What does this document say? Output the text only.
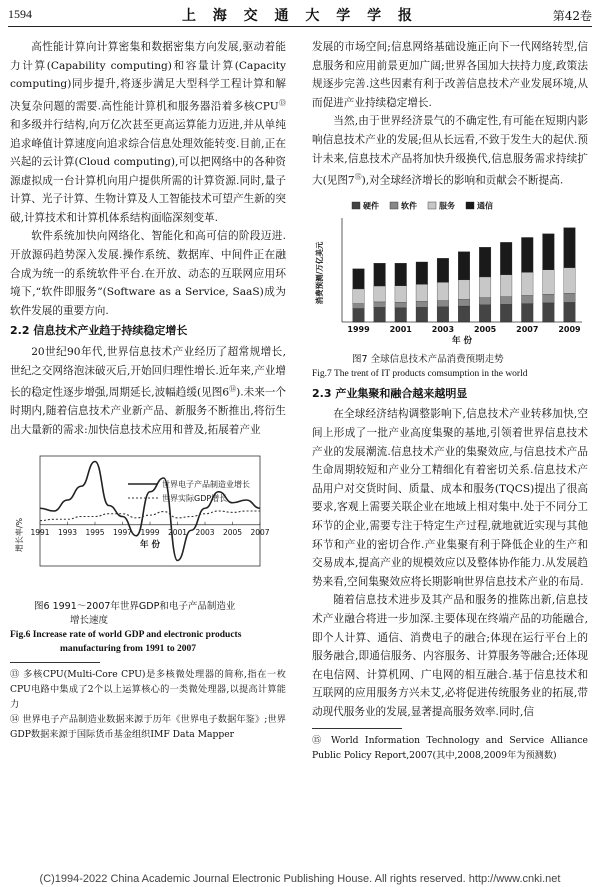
1594	上 海 交 通 大 学 学 报	第42卷

高性能计算向计算密集和数据密集方向发展,驱动着能力计算(Capability computing)和容量计算(Capacity computing)同步提升,将逐步满足大型科学工程计算和解决复杂问题的需要.高性能计算机和服务器沿着多核CPU⑬和多级并行结构,向万亿次甚至更高运算能力迈进,并从单纯追求峰值计算速度向追求综合信息处理效能转变.目前,正在兴起的云计算(Cloud computing),可以把网络中的各种资源虚拟成一台计算机向用户提供所需的计算资源.同时,量子计算、光子计算、生物计算及人工智能技术可望产生新的突破,计算技术和计算机体系结构面临深刻变革.

软件系统加快向网络化、智能化和高可信的阶段迈进.开放源码趋势深入发展.操作系统、数据库、中间件正在融合成为统一的系统软件平台.在开放、动态的互联网应用环境下,“软件即服务”(Software as a Service, SaaS)成为软件发展的重要方向.

2.2 信息技术产业趋于持续稳定增长

20世纪90年代,世界信息技术产业经历了超常规增长,世纪之交网络泡沫破灭后,开始回归理性增长.近年来,产业增长的稳定性逐步增强,周期延长,波幅趋缓(见图6⑭).未来一个时期内,随着信息技术产业新产品、新服务不断推出,将衍生出大量新的需求:加快信息技术应用和普及,拓展着产业

1991 1993 1995 1997 1999 2001 2003 2005 2007
增长率/%	年 份
世界电子产品制造业增长
世界实际GDP增长
图6 1991～2007年世界GDP和电子产品制造业
增长速度
Fig.6 Increase rate of world GDP and electronic products
manufacturing from 1991 to 2007
⑬ 多核CPU(Multi-Core CPU)是多核微处理器的简称,指在一枚CPU电路中集成了2个以上运算核心的一类微处理器,以提高计算能力
⑭ 世界电子产品制造业数据来源于历年《世界电子数据年鉴》;世界GDP数据来源于国际货币基金组织IMF Data Mapper

发展的市场空间;信息网络基础设施正向下一代网络转型,信息服务和应用前景更加广阔;世界各国加大扶持力度,政策法规逐步完善.这些因素有利于改善信息技术产业发展环境,从而促进产业持续稳定增长.

当然,由于世界经济景气的不确定性,有可能在短期内影响信息技术产业的发展;但从长远看,不致于发生大的起伏.预计未来,信息技术产品将加快升级换代,信息服务需求持续扩大(见图7⑮),对全球经济增长的影响和贡献会不断提高.

硬件	软件	服务	通信
消费预测/万亿美元
1999 2001 2003 2005 2007 2009
年 份
图7 全球信息技术产品消费预期走势
Fig.7 The trent of IT products comsumption in the world
2.3 产业集聚和融合越来越明显

在全球经济结构调整影响下,信息技术产业转移加快,空间上形成了一批产业高度集聚的基地,引领着世界信息技术产业的发展潮流.信息技术产业的集聚效应,与信息技术产品生命周期较短和产业分工精细化有着密切关系.信息技术产品用户对交货时间、质量、成本和服务(TQCS)提出了很高要求,客观上需要关联企业在地域上相对集中.处于不同分工环节的企业,需要专注于特定生产过程,就地就近实现与其他环节和产业的密切合作.产业集聚有利于降低企业的生产和交易成本,提高产业的规模效应以及整体协作能力.从发展趋势来看,空间集聚效应将长期影响世界信息技术产业的布局.

随着信息技术进步及其产品和服务的推陈出新,信息技术产业融合将进一步加深.主要体现在终端产品的功能融合,即个人计算、通信、消费电子的融合;体现在运行平台上的服务融合,即通信服务、内容服务、计算服务等融合;还体现在电信网、计算机网、广电网的相互融合.基于信息技术和互联网的应用服务方兴未艾,必将促进传统服务业的拓展,带动现代服务业的发展,显著提高服务效率.同时,信

⑮ World Information Technology and Service Alliance Public Policy Report,2007(其中,2008,2009年为预测数)
(C)1994-2022 China Academic Journal Electronic Publishing House. All rights reserved. http://www.cnki.net
